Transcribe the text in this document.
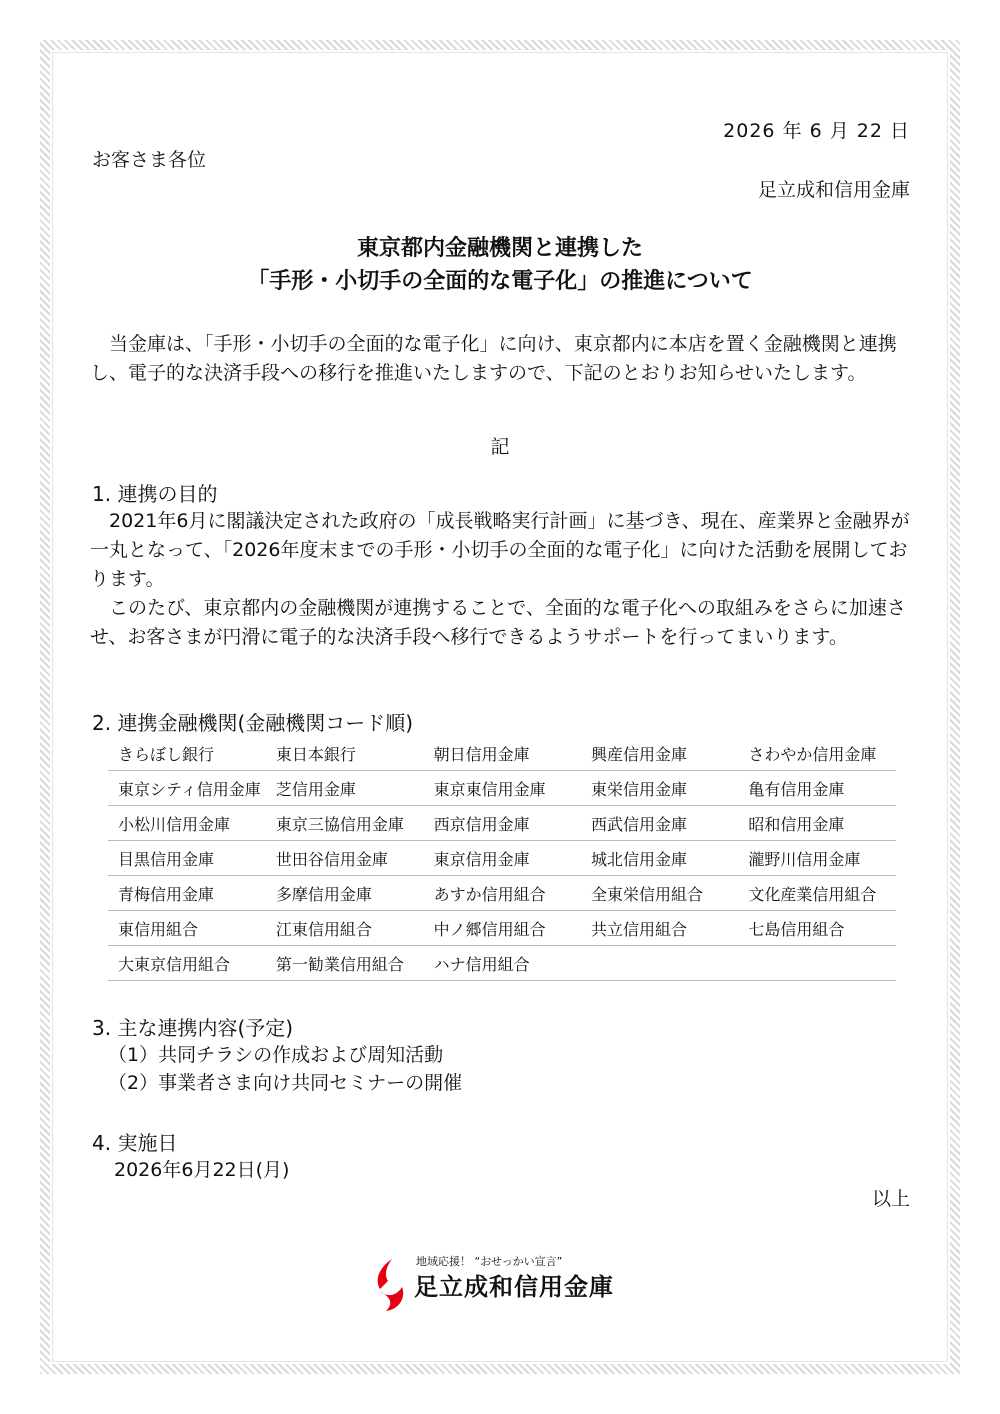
2026 年 6 月 22 日
お客さま各位
足立成和信用金庫
東京都内金融機関と連携した
「手形・小切手の全面的な電子化」の推進について
当金庫は、「手形・小切手の全面的な電子化」に向け、東京都内に本店を置く金融機関と連携し、電子的な決済手段への移行を推進いたしますので、下記のとおりお知らせいたします。
記
1. 連携の目的
2021年6月に閣議決定された政府の「成長戦略実行計画」に基づき、現在、産業界と金融界が一丸となって、「2026年度末までの手形・小切手の全面的な電子化」に向けた活動を展開しております。
このたび、東京都内の金融機関が連携することで、全面的な電子化への取組みをさらに加速させ、お客さまが円滑に電子的な決済手段へ移行できるようサポートを行ってまいります。
2. 連携金融機関(金融機関コード順)
きらぼし銀行	東日本銀行	朝日信用金庫	興産信用金庫	さわやか信用金庫
東京シティ信用金庫	芝信用金庫	東京東信用金庫	東栄信用金庫	亀有信用金庫
小松川信用金庫	東京三協信用金庫	西京信用金庫	西武信用金庫	昭和信用金庫
目黒信用金庫	世田谷信用金庫	東京信用金庫	城北信用金庫	瀧野川信用金庫
青梅信用金庫	多摩信用金庫	あすか信用組合	全東栄信用組合	文化産業信用組合
東信用組合	江東信用組合	中ノ郷信用組合	共立信用組合	七島信用組合
大東京信用組合	第一勧業信用組合	ハナ信用組合		
3. 主な連携内容(予定)
（1）共同チラシの作成および周知活動
（2）事業者さま向け共同セミナーの開催
4. 実施日
2026年6月22日(月)
以上
地域応援！ “おせっかい宣言”
足立成和信用金庫
